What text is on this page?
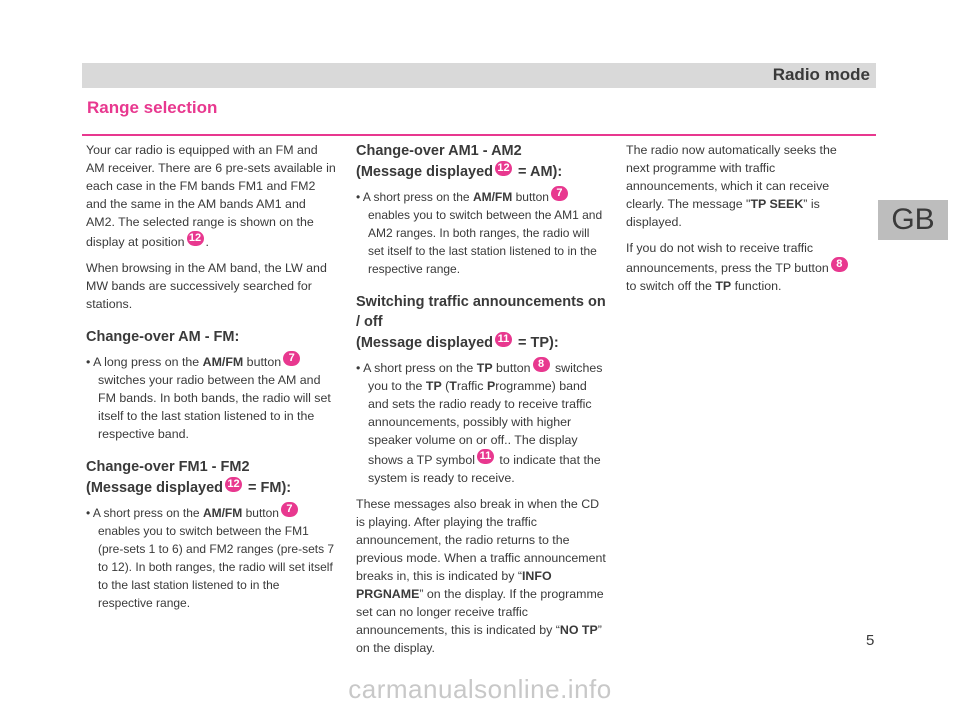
Radio mode
Range selection
GB

Your car radio is equipped with an FM and AM receiver. There are 6 pre-sets available in each case in the FM bands FM1 and FM2 and the same in the AM bands AM1 and AM2. The selected range is shown on the display at position 12 .

When browsing in the AM band, the LW and MW bands are successively searched for stations.

Change-over AM - FM:

• A long press on the AM/FM button 7 switches your radio between the AM and FM bands. In both bands, the radio will set itself to the last station listened to in the respective band.

Change-over FM1 - FM2
(Message displayed 12 = FM):

• A short press on the AM/FM button 7 enables you to switch between the FM1 (pre-sets 1 to 6) and FM2 ranges (pre-sets 7 to 12). In both ranges, the radio will set itself to the last station listened to in the respective range.

Change-over AM1 - AM2
(Message displayed 12 = AM):

• A short press on the AM/FM button 7 enables you to switch between the AM1 and AM2 ranges. In both ranges, the radio will set itself to the last station listened to in the respective range.

Switching traffic announcements on / off
(Message displayed 11 = TP):

• A short press on the TP button 8 switches you to the TP (Traffic Programme) band and sets the radio ready to receive traffic announcements, possibly with higher speaker volume on or off.. The display shows a TP symbol 11 to indicate that the system is ready to receive.

These messages also break in when the CD is playing. After playing the traffic announcement, the radio returns to the previous mode. When a traffic announcement breaks in, this is indicated by “INFO PRGNAME” on the display. If the programme set can no longer receive traffic announcements, this is indicated by “NO TP” on the display.

The radio now automatically seeks the next programme with traffic announcements, which it can receive clearly. The message "TP SEEK” is displayed.

If you do not wish to receive traffic announcements, press the TP button 8 to switch off the TP function.

5
carmanualsonline.info
